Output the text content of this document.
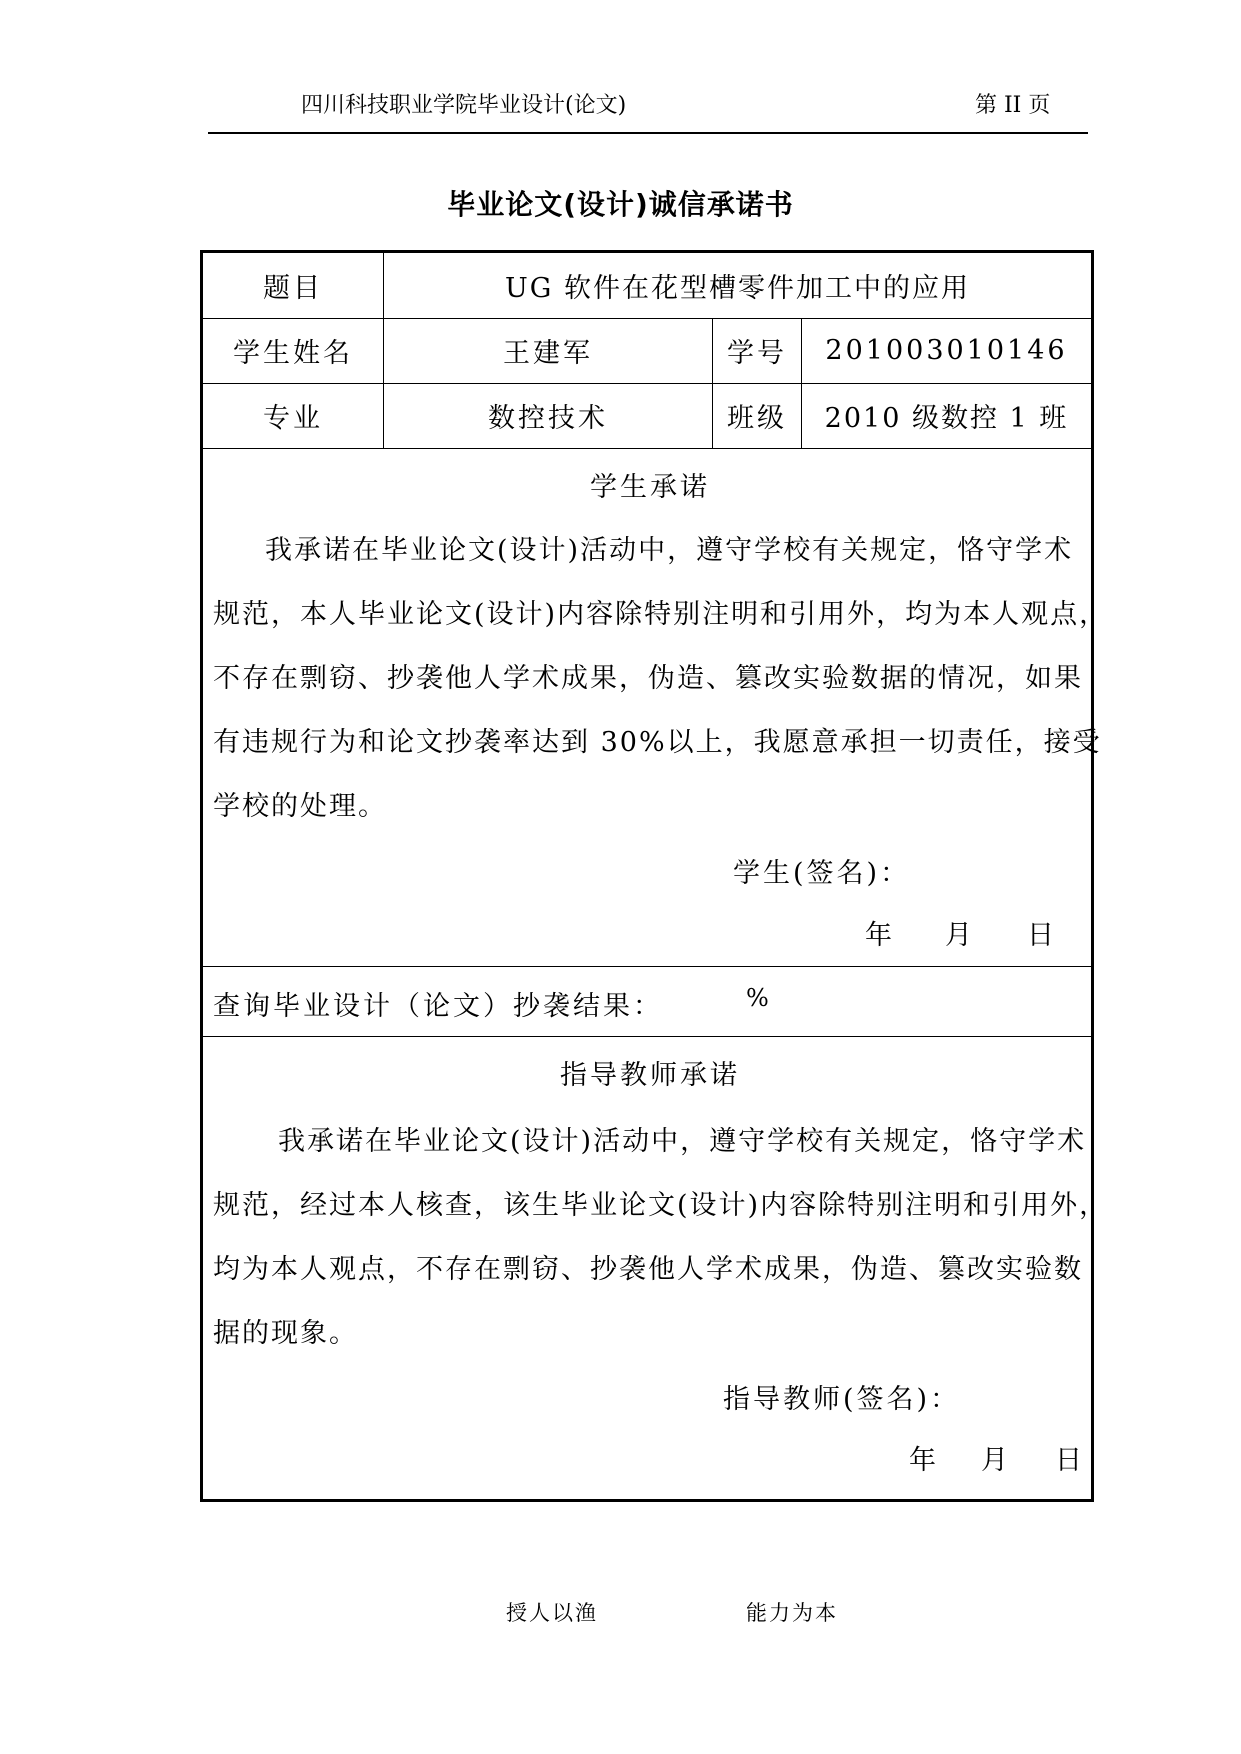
四川科技职业学院毕业设计(论文)	第 II 页
毕业论文(设计)诚信承诺书
题目	UG 软件在花型槽零件加工中的应用
学生姓名	王建军	学号	201003010146
专业	数控技术	班级	2010 级数控 1 班
学生承诺
我承诺在毕业论文(设计)活动中，遵守学校有关规定，恪守学术
规范，本人毕业论文(设计)内容除特别注明和引用外，均为本人观点，
不存在剽窃、抄袭他人学术成果，伪造、篡改实验数据的情况，如果
有违规行为和论文抄袭率达到 30%以上，我愿意承担一切责任，接受
学校的处理。
学生(签名)：
年 月 日
查询毕业设计（论文）抄袭结果：	%
指导教师承诺
我承诺在毕业论文(设计)活动中，遵守学校有关规定，恪守学术
规范，经过本人核查，该生毕业论文(设计)内容除特别注明和引用外，
均为本人观点，不存在剽窃、抄袭他人学术成果，伪造、篡改实验数
据的现象。
指导教师(签名)：
年 月 日
授人以渔	能力为本
